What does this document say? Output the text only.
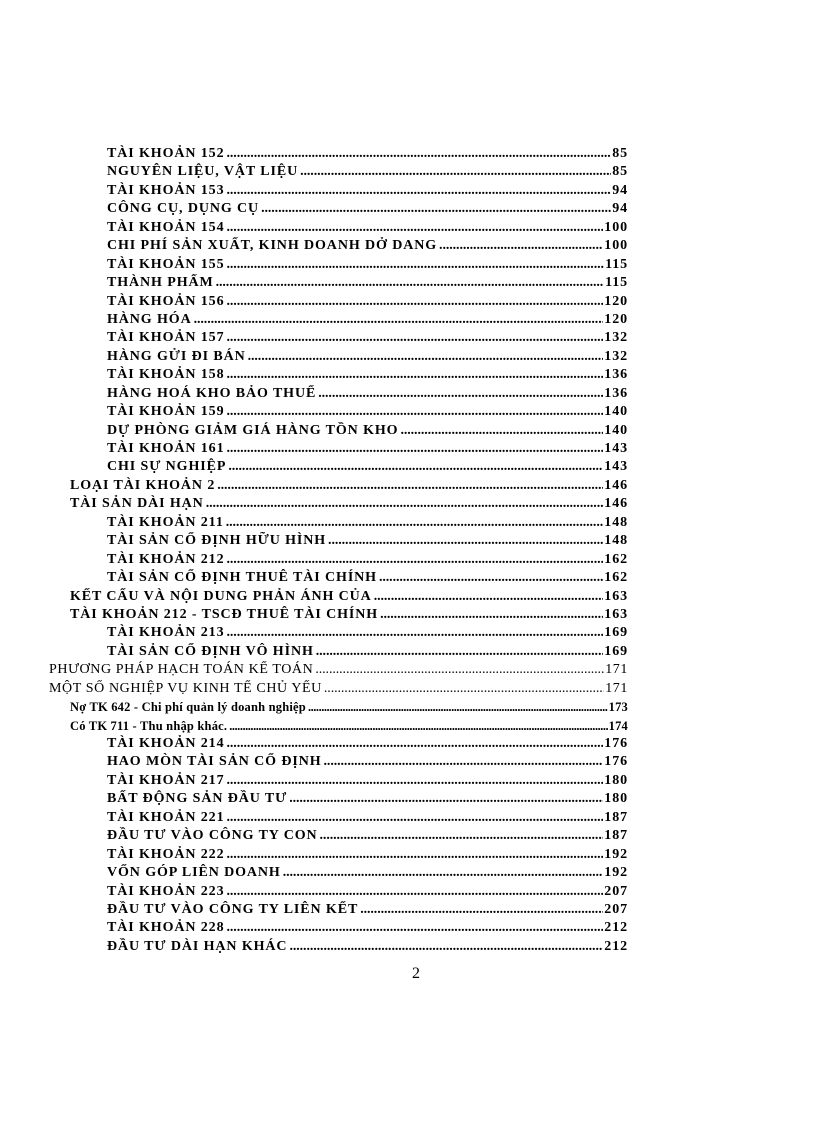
TÀI KHOẢN 152 . . .	85
NGUYÊN LIỆU, VẬT LIỆU . . .	85
TÀI KHOẢN 153 . . .	94
CÔNG CỤ, DỤNG CỤ . . .	94
TÀI KHOẢN 154 . . .	100
CHI PHÍ SẢN XUẤT, KINH DOANH DỞ DANG . . .	100
TÀI KHOẢN 155 . . .	115
THÀNH PHẨM . . .	115
TÀI KHOẢN 156 . . .	120
HÀNG HÓA . . .	120
TÀI KHOẢN 157 . . .	132
HÀNG GỬI ĐI BÁN . . .	132
TÀI KHOẢN 158 . . .	136
HÀNG HOÁ KHO BẢO THUẾ . . .	136
TÀI KHOẢN 159 . . .	140
DỰ PHÒNG GIẢM GIÁ HÀNG TỒN KHO . . .	140
TÀI KHOẢN 161 . . .	143
CHI SỰ NGHIỆP . . .	143
LOẠI TÀI KHOẢN 2 . . .	146
TÀI SẢN DÀI HẠN . . .	146
TÀI KHOẢN 211 . . .	148
TÀI SẢN CỐ ĐỊNH HỮU HÌNH . . .	148
TÀI KHOẢN 212 . . .	162
TÀI SẢN CỐ ĐỊNH THUÊ TÀI CHÍNH . . .	162
KẾT CẤU VÀ NỘI DUNG PHẢN ÁNH CỦA . . .	163
TÀI KHOẢN 212 - TSCĐ THUÊ TÀI CHÍNH . . .	163
TÀI KHOẢN 213 . . .	169
TÀI SẢN CỐ ĐỊNH VÔ HÌNH . . .	169
PHƯƠNG PHÁP HẠCH TOÁN KẾ TOÁN . . .	171
MỘT SỐ NGHIỆP VỤ KINH TẾ CHỦ YẾU . . .	171
Nợ TK 642 - Chi phí quản lý doanh nghiệp . . .	173
Có TK 711 - Thu nhập khác. . . .	174
TÀI KHOẢN 214 . . .	176
HAO MÒN TÀI SẢN CỐ ĐỊNH . . .	176
TÀI KHOẢN 217 . . .	180
BẤT ĐỘNG SẢN ĐẦU TƯ . . .	180
TÀI KHOẢN 221 . . .	187
ĐẦU TƯ VÀO CÔNG TY CON . . .	187
TÀI KHOẢN 222 . . .	192
VỐN GÓP LIÊN DOANH . . .	192
TÀI KHOẢN 223 . . .	207
ĐẦU TƯ VÀO CÔNG TY LIÊN KẾT . . .	207
TÀI KHOẢN 228 . . .	212
ĐẦU TƯ DÀI HẠN KHÁC . . .	212
2
